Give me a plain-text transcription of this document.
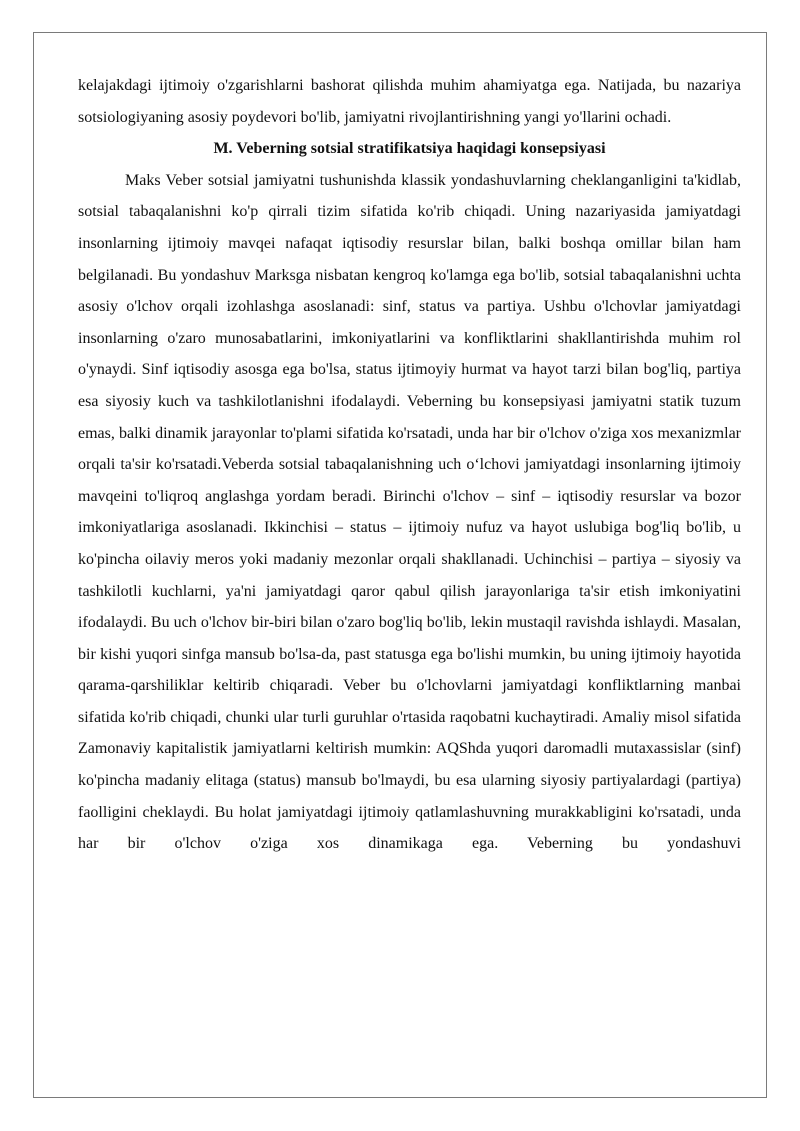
kelajakdagi ijtimoiy o'zgarishlarni bashorat qilishda muhim ahamiyatga ega. Natijada, bu nazariya sotsiologiyaning asosiy poydevori bo'lib, jamiyatni rivojlantirishning yangi yo'llarini ochadi.

M. Veberning sotsial stratifikatsiya haqidagi konsepsiyasi

Maks Veber sotsial jamiyatni tushunishda klassik yondashuvlarning cheklanganligini ta'kidlab, sotsial tabaqalanishni ko'p qirrali tizim sifatida ko'rib chiqadi. Uning nazariyasida jamiyatdagi insonlarning ijtimoiy mavqei nafaqat iqtisodiy resurslar bilan, balki boshqa omillar bilan ham belgilanadi. Bu yondashuv Marksga nisbatan kengroq ko'lamga ega bo'lib, sotsial tabaqalanishni uchta asosiy o'lchov orqali izohlashga asoslanadi: sinf, status va partiya. Ushbu o'lchovlar jamiyatdagi insonlarning o'zaro munosabatlarini, imkoniyatlarini va konfliktlarini shakllantirishda muhim rol o'ynaydi. Sinf iqtisodiy asosga ega bo'lsa, status ijtimoyiy hurmat va hayot tarzi bilan bog'liq, partiya esa siyosiy kuch va tashkilotlanishni ifodalaydi. Veberning bu konsepsiyasi jamiyatni statik tuzum emas, balki dinamik jarayonlar to'plami sifatida ko'rsatadi, unda har bir o'lchov o'ziga xos mexanizmlar orqali ta'sir ko'rsatadi.Veberda sotsial tabaqalanishning uch o‘lchovi jamiyatdagi insonlarning ijtimoiy mavqeini to'liqroq anglashga yordam beradi. Birinchi o'lchov – sinf – iqtisodiy resurslar va bozor imkoniyatlariga asoslanadi. Ikkinchisi – status – ijtimoiy nufuz va hayot uslubiga bog'liq bo'lib, u ko'pincha oilaviy meros yoki madaniy mezonlar orqali shakllanadi. Uchinchisi – partiya – siyosiy va tashkilotli kuchlarni, ya'ni jamiyatdagi qaror qabul qilish jarayonlariga ta'sir etish imkoniyatini ifodalaydi. Bu uch o'lchov bir-biri bilan o'zaro bog'liq bo'lib, lekin mustaqil ravishda ishlaydi. Masalan, bir kishi yuqori sinfga mansub bo'lsa-da, past statusga ega bo'lishi mumkin, bu uning ijtimoiy hayotida qarama-qarshiliklar keltirib chiqaradi. Veber bu o'lchovlarni jamiyatdagi konfliktlarning manbai sifatida ko'rib chiqadi, chunki ular turli guruhlar o'rtasida raqobatni kuchaytiradi. Amaliy misol sifatida Zamonaviy kapitalistik jamiyatlarni keltirish mumkin: AQShda yuqori daromadli mutaxassislar (sinf) ko'pincha madaniy elitaga (status) mansub bo'lmaydi, bu esa ularning siyosiy partiyalardagi (partiya) faolligini cheklaydi. Bu holat jamiyatdagi ijtimoiy qatlamlashuvning murakkabligini ko'rsatadi, unda har bir o'lchov o'ziga xos dinamikaga ega. Veberning bu yondashuvi
